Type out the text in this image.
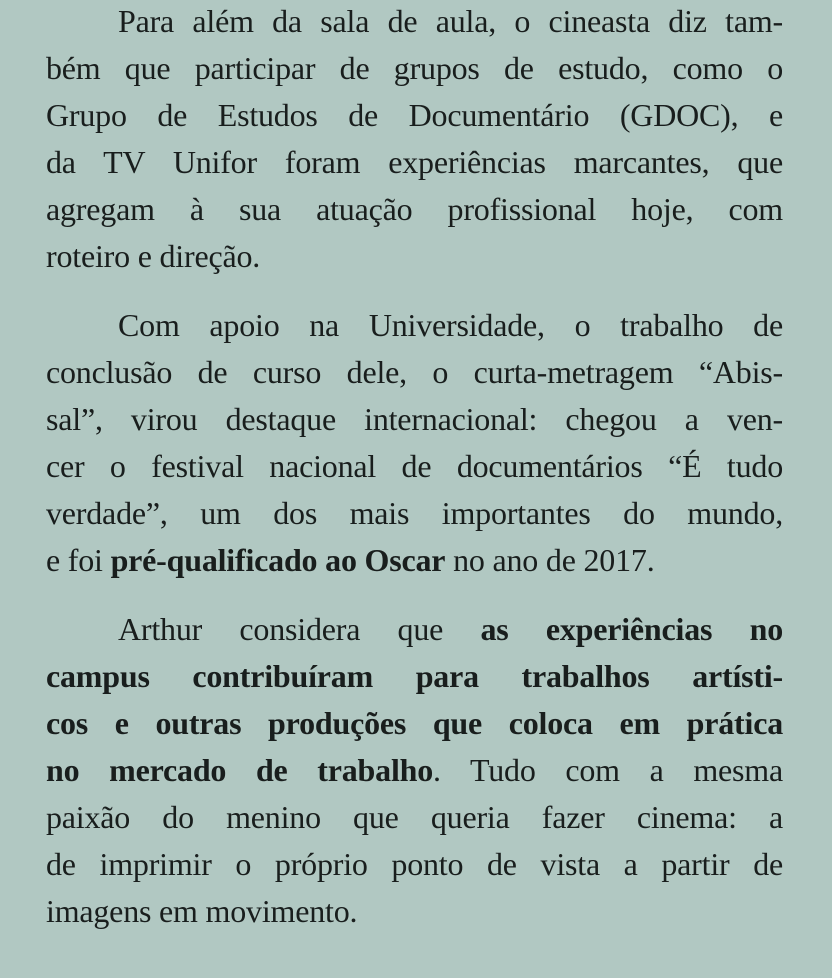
Para além da sala de aula, o cineasta diz tam-
bém que participar de grupos de estudo, como o
Grupo de Estudos de Documentário (GDOC), e
da TV Unifor foram experiências marcantes, que
agregam à sua atuação profissional hoje, com
roteiro e direção.
Com apoio na Universidade, o trabalho de
conclusão de curso dele, o curta-metragem “Abis-
sal”, virou destaque internacional: chegou a ven-
cer o festival nacional de documentários “É tudo
verdade”, um dos mais importantes do mundo,
e foi pré-qualificado ao Oscar no ano de 2017.
Arthur considera que as experiências no
campus contribuíram para trabalhos artísti-
cos e outras produções que coloca em prática
no mercado de trabalho. Tudo com a mesma
paixão do menino que queria fazer cinema: a
de imprimir o próprio ponto de vista a partir de
imagens em movimento.
